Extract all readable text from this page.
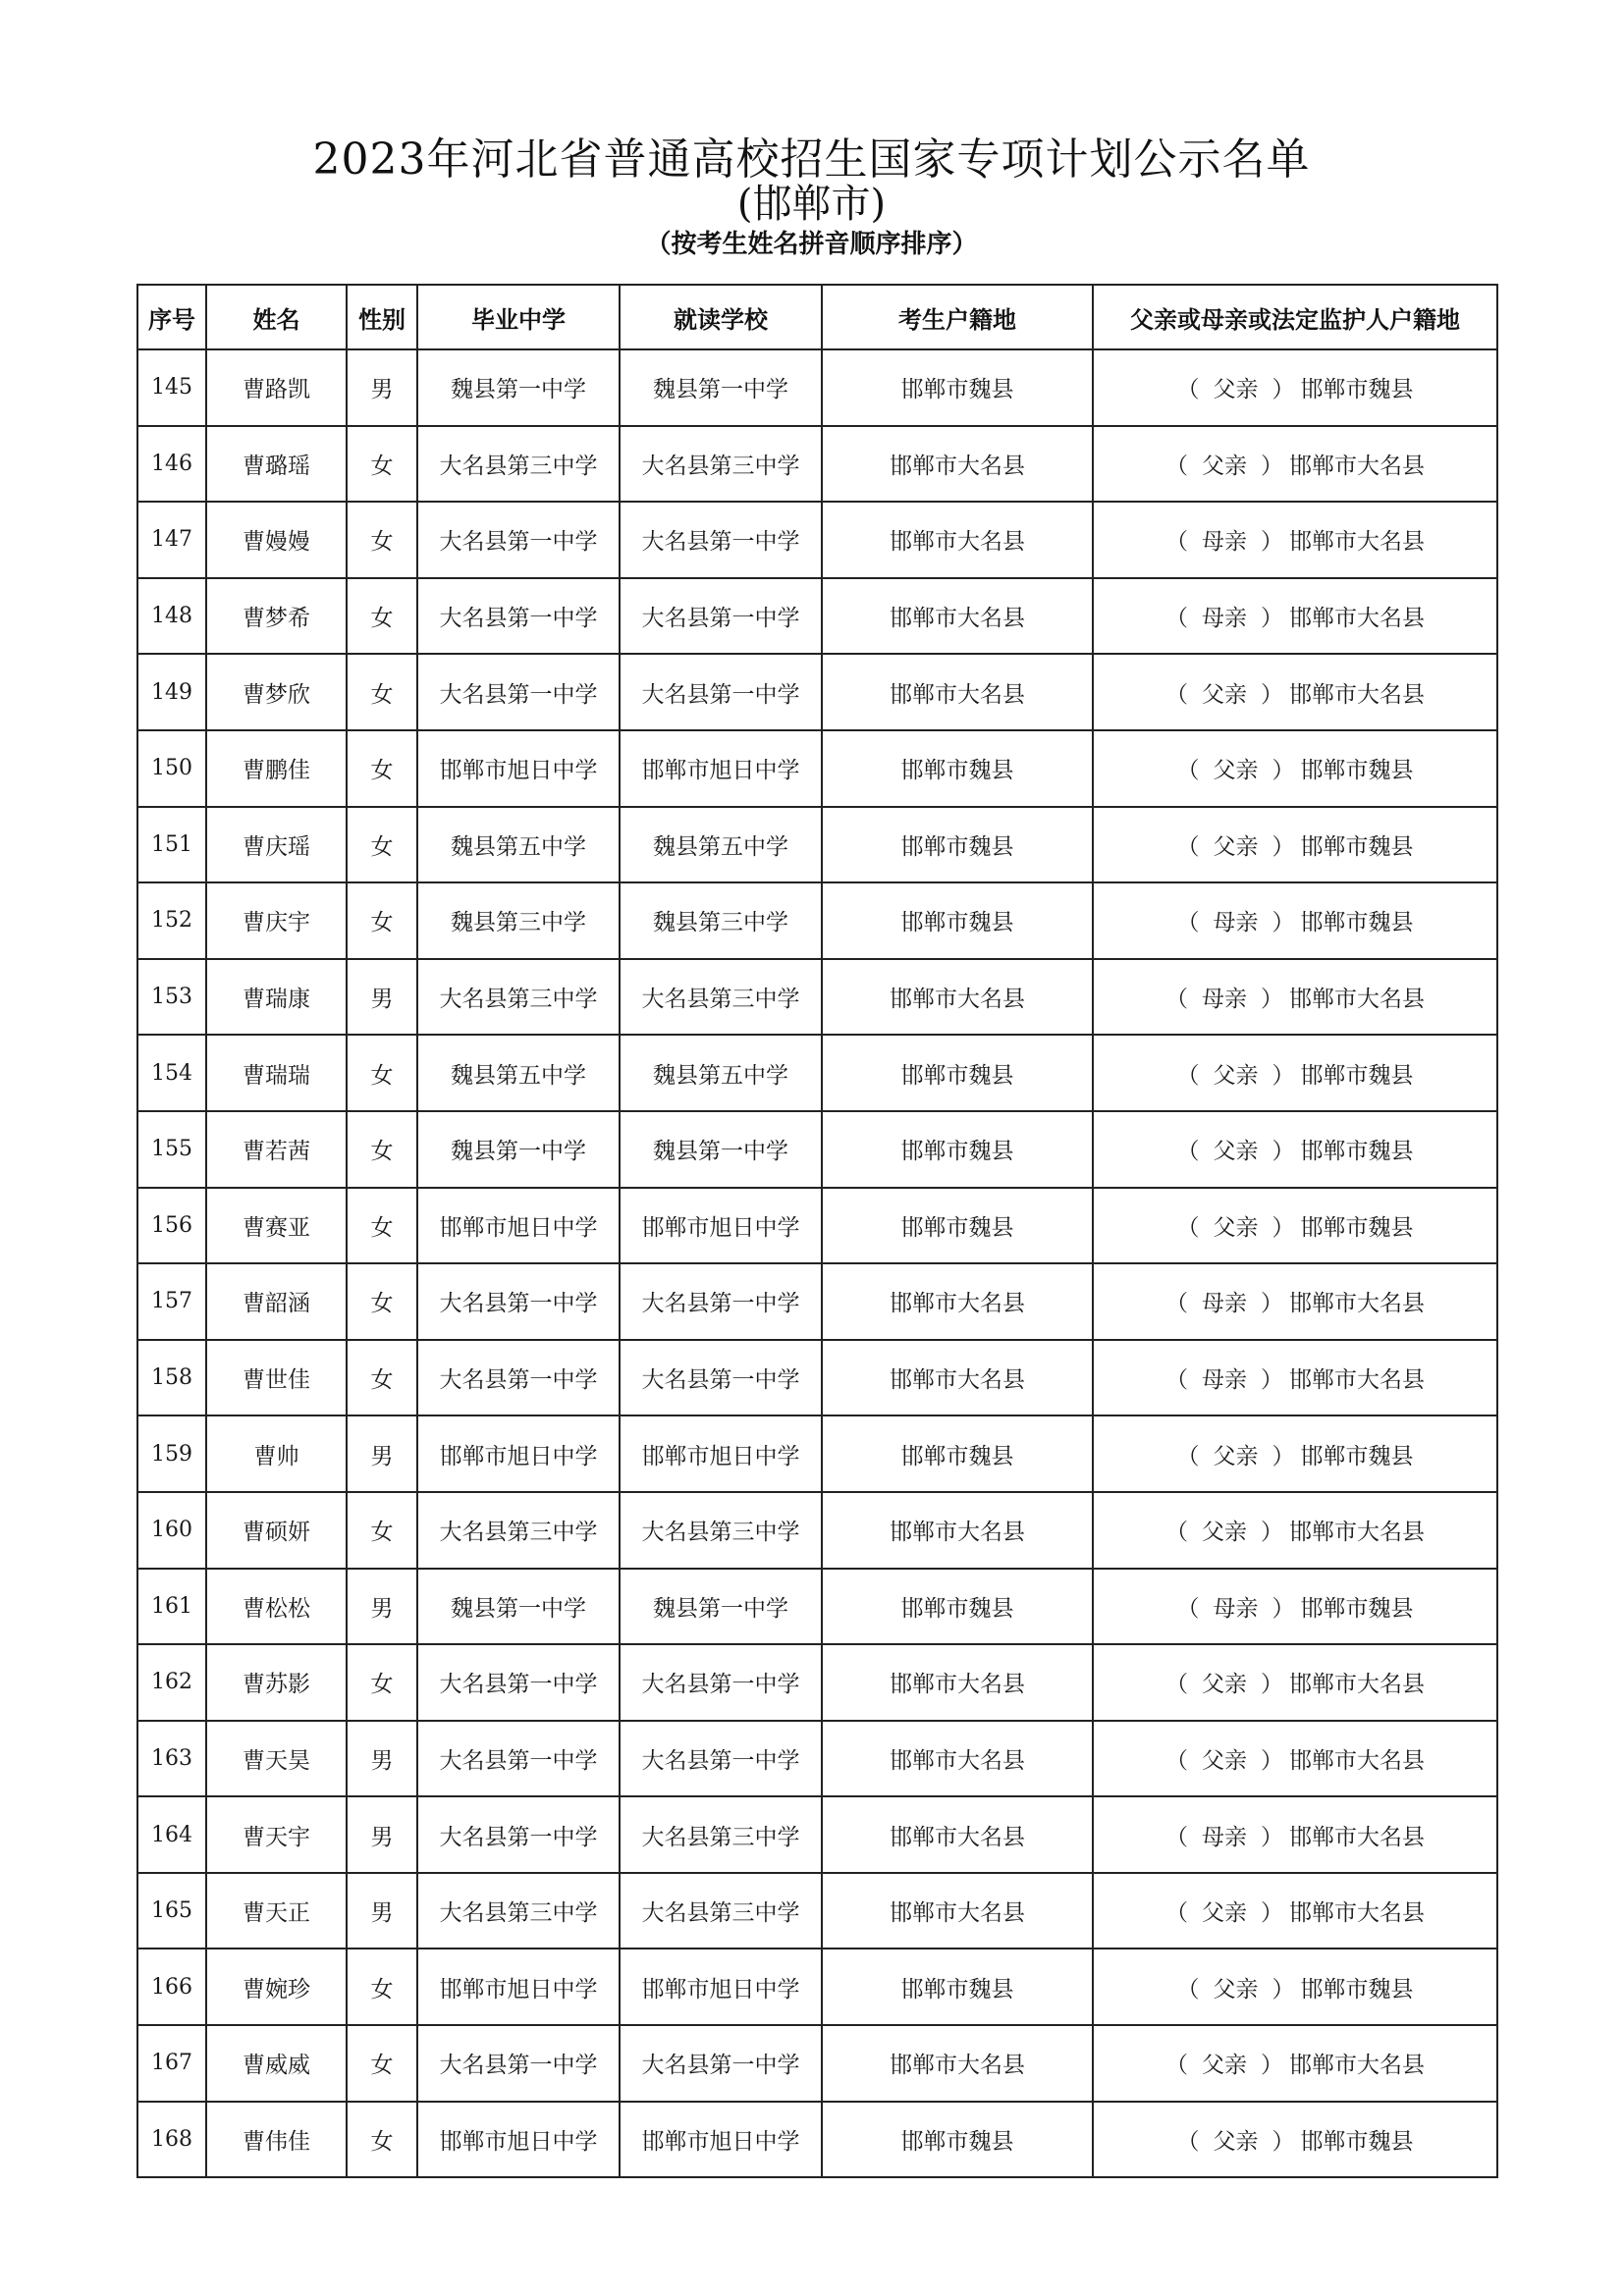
2023年河北省普通高校招生国家专项计划公示名单
(邯郸市)
（按考生姓名拼音顺序排序）
序号	姓名	性别	毕业中学	就读学校	考生户籍地	父亲或母亲或法定监护人户籍地
145	曹路凯	男	魏县第一中学	魏县第一中学	邯郸市魏县	（ 父亲 ） 邯郸市魏县
146	曹璐瑶	女	大名县第三中学	大名县第三中学	邯郸市大名县	（ 父亲 ） 邯郸市大名县
147	曹嫚嫚	女	大名县第一中学	大名县第一中学	邯郸市大名县	（ 母亲 ） 邯郸市大名县
148	曹梦希	女	大名县第一中学	大名县第一中学	邯郸市大名县	（ 母亲 ） 邯郸市大名县
149	曹梦欣	女	大名县第一中学	大名县第一中学	邯郸市大名县	（ 父亲 ） 邯郸市大名县
150	曹鹏佳	女	邯郸市旭日中学	邯郸市旭日中学	邯郸市魏县	（ 父亲 ） 邯郸市魏县
151	曹庆瑶	女	魏县第五中学	魏县第五中学	邯郸市魏县	（ 父亲 ） 邯郸市魏县
152	曹庆宇	女	魏县第三中学	魏县第三中学	邯郸市魏县	（ 母亲 ） 邯郸市魏县
153	曹瑞康	男	大名县第三中学	大名县第三中学	邯郸市大名县	（ 母亲 ） 邯郸市大名县
154	曹瑞瑞	女	魏县第五中学	魏县第五中学	邯郸市魏县	（ 父亲 ） 邯郸市魏县
155	曹若茜	女	魏县第一中学	魏县第一中学	邯郸市魏县	（ 父亲 ） 邯郸市魏县
156	曹赛亚	女	邯郸市旭日中学	邯郸市旭日中学	邯郸市魏县	（ 父亲 ） 邯郸市魏县
157	曹韶涵	女	大名县第一中学	大名县第一中学	邯郸市大名县	（ 母亲 ） 邯郸市大名县
158	曹世佳	女	大名县第一中学	大名县第一中学	邯郸市大名县	（ 母亲 ） 邯郸市大名县
159	曹帅	男	邯郸市旭日中学	邯郸市旭日中学	邯郸市魏县	（ 父亲 ） 邯郸市魏县
160	曹硕妍	女	大名县第三中学	大名县第三中学	邯郸市大名县	（ 父亲 ） 邯郸市大名县
161	曹松松	男	魏县第一中学	魏县第一中学	邯郸市魏县	（ 母亲 ） 邯郸市魏县
162	曹苏影	女	大名县第一中学	大名县第一中学	邯郸市大名县	（ 父亲 ） 邯郸市大名县
163	曹天昊	男	大名县第一中学	大名县第一中学	邯郸市大名县	（ 父亲 ） 邯郸市大名县
164	曹天宇	男	大名县第一中学	大名县第三中学	邯郸市大名县	（ 母亲 ） 邯郸市大名县
165	曹天正	男	大名县第三中学	大名县第三中学	邯郸市大名县	（ 父亲 ） 邯郸市大名县
166	曹婉珍	女	邯郸市旭日中学	邯郸市旭日中学	邯郸市魏县	（ 父亲 ） 邯郸市魏县
167	曹威威	女	大名县第一中学	大名县第一中学	邯郸市大名县	（ 父亲 ） 邯郸市大名县
168	曹伟佳	女	邯郸市旭日中学	邯郸市旭日中学	邯郸市魏县	（ 父亲 ） 邯郸市魏县
